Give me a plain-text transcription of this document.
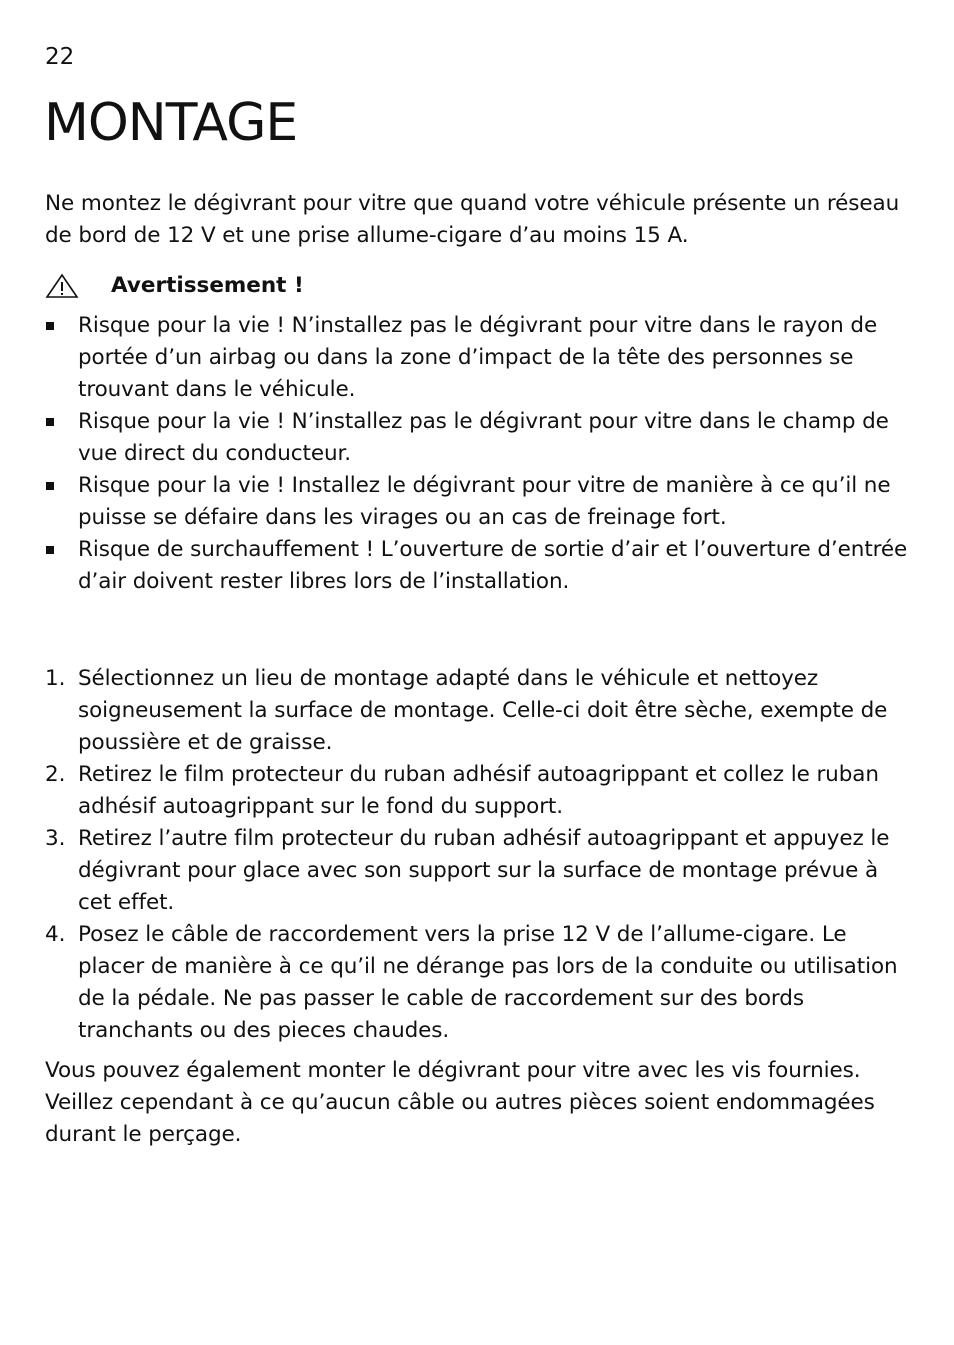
22
MONTAGE

Ne montez le dégivrant pour vitre que quand votre véhicule présente un réseau de bord de 12 V et une prise allume-cigare d’au moins 15 A.

Avertissement !
Risque pour la vie ! N’installez pas le dégivrant pour vitre dans le rayon de portée d’un airbag ou dans la zone d’impact de la tête des personnes se trouvant dans le véhicule.
Risque pour la vie ! N’installez pas le dégivrant pour vitre dans le champ de vue direct du conducteur.
Risque pour la vie ! Installez le dégivrant pour vitre de manière à ce qu’il ne puisse se défaire dans les virages ou an cas de freinage fort.
Risque de surchauffement ! L’ouverture de sortie d’air et l’ouverture d’entrée d’air doivent rester libres lors de l’installation.
1. Sélectionnez un lieu de montage adapté dans le véhicule et nettoyez soigneusement la surface de montage. Celle-ci doit être sèche, exempte de poussière et de graisse.
2. Retirez le film protecteur du ruban adhésif autoagrippant et collez le ruban adhésif autoagrippant sur le fond du support.
3. Retirez l’autre film protecteur du ruban adhésif autoagrippant et appuyez le dégivrant pour glace avec son support sur la surface de montage prévue à cet effet.
4. Posez le câble de raccordement vers la prise 12 V de l’allume-cigare. Le placer de manière à ce qu’il ne dérange pas lors de la conduite ou utilisation de la pédale. Ne pas passer le cable de raccordement sur des bords tranchants ou des pieces chaudes.

Vous pouvez également monter le dégivrant pour vitre avec les vis fournies. Veillez cependant à ce qu’aucun câble ou autres pièces soient endommagées durant le perçage.
